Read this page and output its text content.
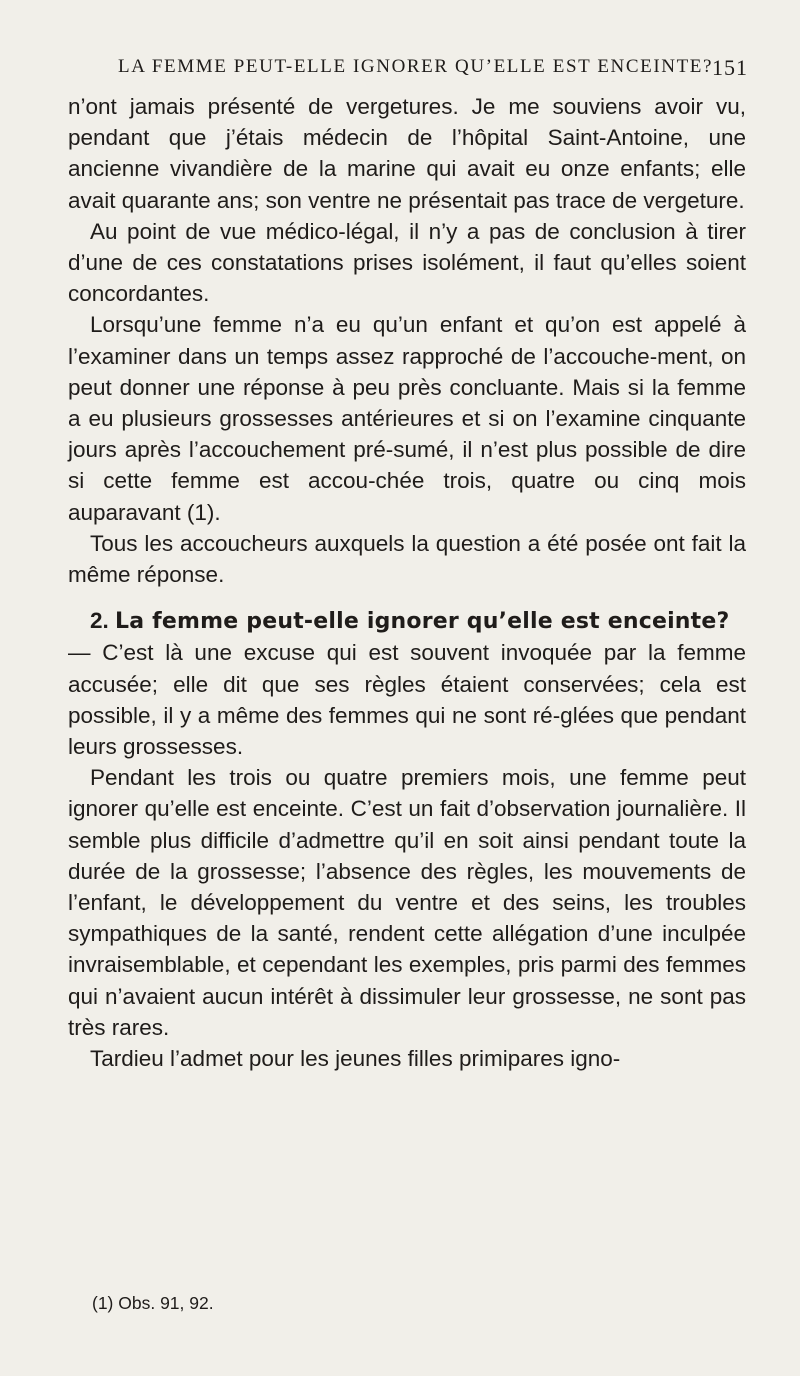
LA FEMME PEUT-ELLE IGNORER QU’ELLE EST ENCEINTE?
151

n’ont jamais présenté de vergetures. Je me souviens avoir vu, pendant que j’étais médecin de l’hôpital Saint-Antoine, une ancienne vivandière de la marine qui avait eu onze enfants; elle avait quarante ans; son ventre ne présentait pas trace de vergeture.

Au point de vue médico-légal, il n’y a pas de conclusion à tirer d’une de ces constatations prises isolément, il faut qu’elles soient concordantes.

Lorsqu’une femme n’a eu qu’un enfant et qu’on est appelé à l’examiner dans un temps assez rapproché de l’accouche-ment, on peut donner une réponse à peu près concluante. Mais si la femme a eu plusieurs grossesses antérieures et si on l’examine cinquante jours après l’accouchement pré-sumé, il n’est plus possible de dire si cette femme est accou-chée trois, quatre ou cinq mois auparavant (1).

Tous les accoucheurs auxquels la question a été posée ont fait la même réponse.

2. La femme peut-elle ignorer qu’elle est enceinte?
— C’est là une excuse qui est souvent invoquée par la femme accusée; elle dit que ses règles étaient conservées; cela est possible, il y a même des femmes qui ne sont ré-glées que pendant leurs grossesses.

Pendant les trois ou quatre premiers mois, une femme peut ignorer qu’elle est enceinte. C’est un fait d’observation journalière. Il semble plus difficile d’admettre qu’il en soit ainsi pendant toute la durée de la grossesse; l’absence des règles, les mouvements de l’enfant, le développement du ventre et des seins, les troubles sympathiques de la santé, rendent cette allégation d’une inculpée invraisemblable, et cependant les exemples, pris parmi des femmes qui n’avaient aucun intérêt à dissimuler leur grossesse, ne sont pas très rares.

Tardieu l’admet pour les jeunes filles primipares igno-

(1) Obs. 91, 92.
